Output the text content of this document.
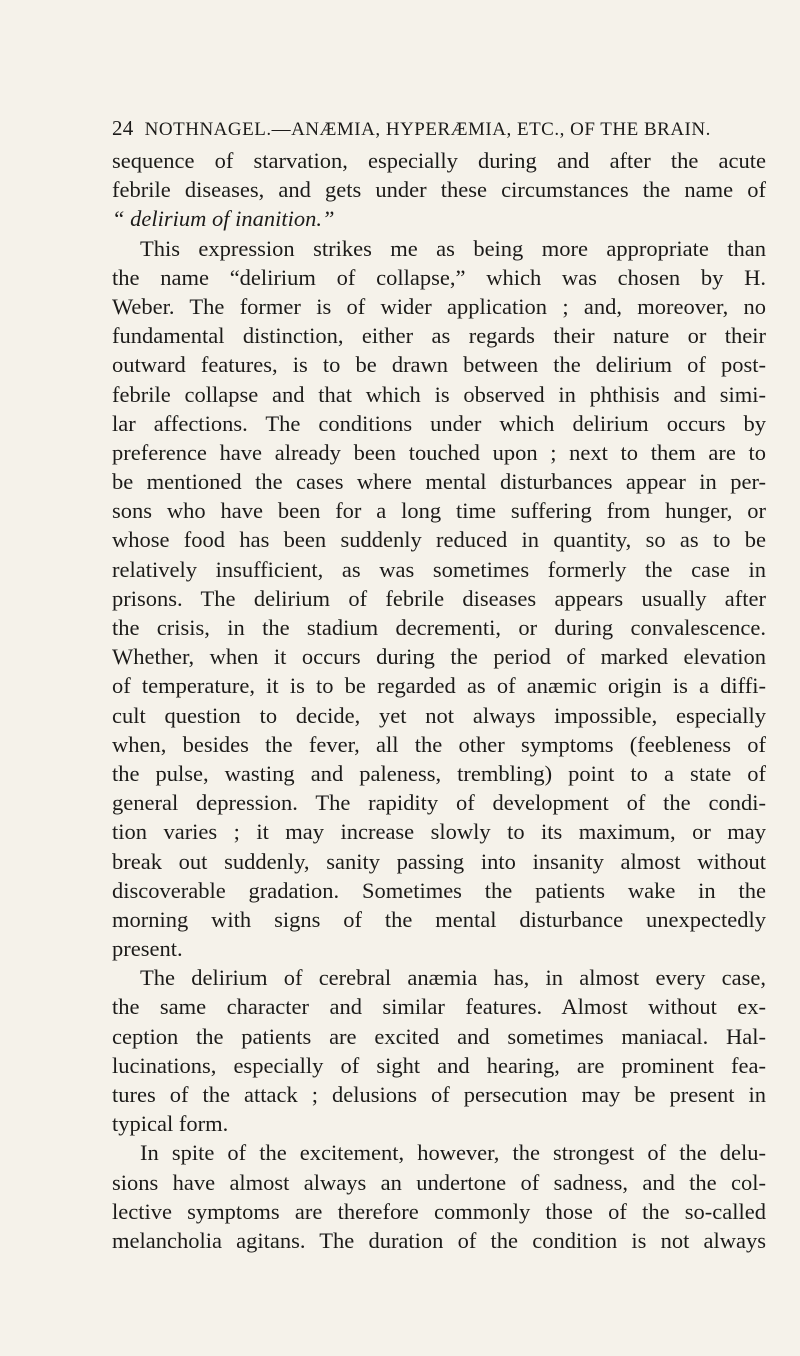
24 NOTHNAGEL.—ANÆMIA, HYPERÆMIA, ETC., OF THE BRAIN.
sequence of starvation, especially during and after the acute
febrile diseases, and gets under these circumstances the name of
“ delirium of inanition.”
This expression strikes me as being more appropriate than
the name “delirium of collapse,” which was chosen by H.
Weber. The former is of wider application ; and, moreover, no
fundamental distinction, either as regards their nature or their
outward features, is to be drawn between the delirium of post-
febrile collapse and that which is observed in phthisis and simi-
lar affections. The conditions under which delirium occurs by
preference have already been touched upon ; next to them are to
be mentioned the cases where mental disturbances appear in per-
sons who have been for a long time suffering from hunger, or
whose food has been suddenly reduced in quantity, so as to be
relatively insufficient, as was sometimes formerly the case in
prisons. The delirium of febrile diseases appears usually after
the crisis, in the stadium decrementi, or during convalescence.
Whether, when it occurs during the period of marked elevation
of temperature, it is to be regarded as of anæmic origin is a diffi-
cult question to decide, yet not always impossible, especially
when, besides the fever, all the other symptoms (feebleness of
the pulse, wasting and paleness, trembling) point to a state of
general depression. The rapidity of development of the condi-
tion varies ; it may increase slowly to its maximum, or may
break out suddenly, sanity passing into insanity almost without
discoverable gradation. Sometimes the patients wake in the
morning with signs of the mental disturbance unexpectedly
present.
The delirium of cerebral anæmia has, in almost every case,
the same character and similar features. Almost without ex-
ception the patients are excited and sometimes maniacal. Hal-
lucinations, especially of sight and hearing, are prominent fea-
tures of the attack ; delusions of persecution may be present in
typical form.
In spite of the excitement, however, the strongest of the delu-
sions have almost always an undertone of sadness, and the col-
lective symptoms are therefore commonly those of the so-called
melancholia agitans. The duration of the condition is not always
